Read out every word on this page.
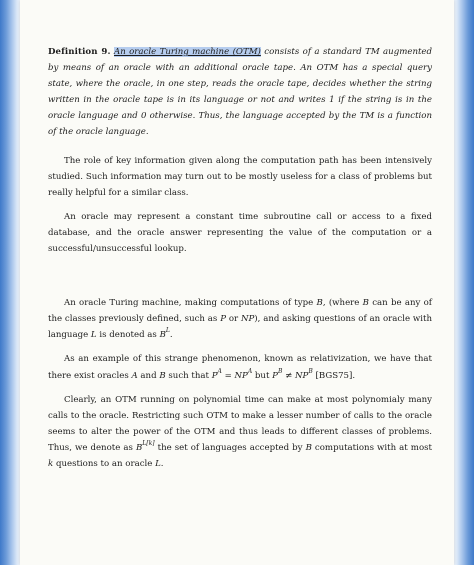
Definition 9. An oracle Turing machine (OTM) consists of a standard TM augmented by means of an oracle with an additional oracle tape. An OTM has a special query state, where the oracle, in one step, reads the oracle tape, decides whether the string written in the oracle tape is in its language or not and writes 1 if the string is in the oracle language and 0 otherwise. Thus, the language accepted by the TM is a function of the oracle language.

The role of key information given along the computation path has been intensively studied. Such information may turn out to be mostly useless for a class of problems but really helpful for a similar class.

An oracle may represent a constant time subroutine call or access to a fixed database, and the oracle answer representing the value of the computation or a successful/unsuccessful lookup.

An oracle Turing machine, making computations of type B, (where B can be any of the classes previously defined, such as P or NP), and asking questions of an oracle with language L is denoted as $B^L$.

As an example of this strange phenomenon, known as relativization, we have that there exist oracles A and B such that $P^A = NP^A$ but $P^B \ne NP^B$ [BGS75].

Clearly, an OTM running on polynomial time can make at most polynomialy many calls to the oracle. Restricting such OTM to make a lesser number of calls to the oracle seems to alter the power of the OTM and thus leads to different classes of problems. Thus, we denote as $B^{L[k]}$ the set of languages accepted by B computations with at most k questions to an oracle L.
